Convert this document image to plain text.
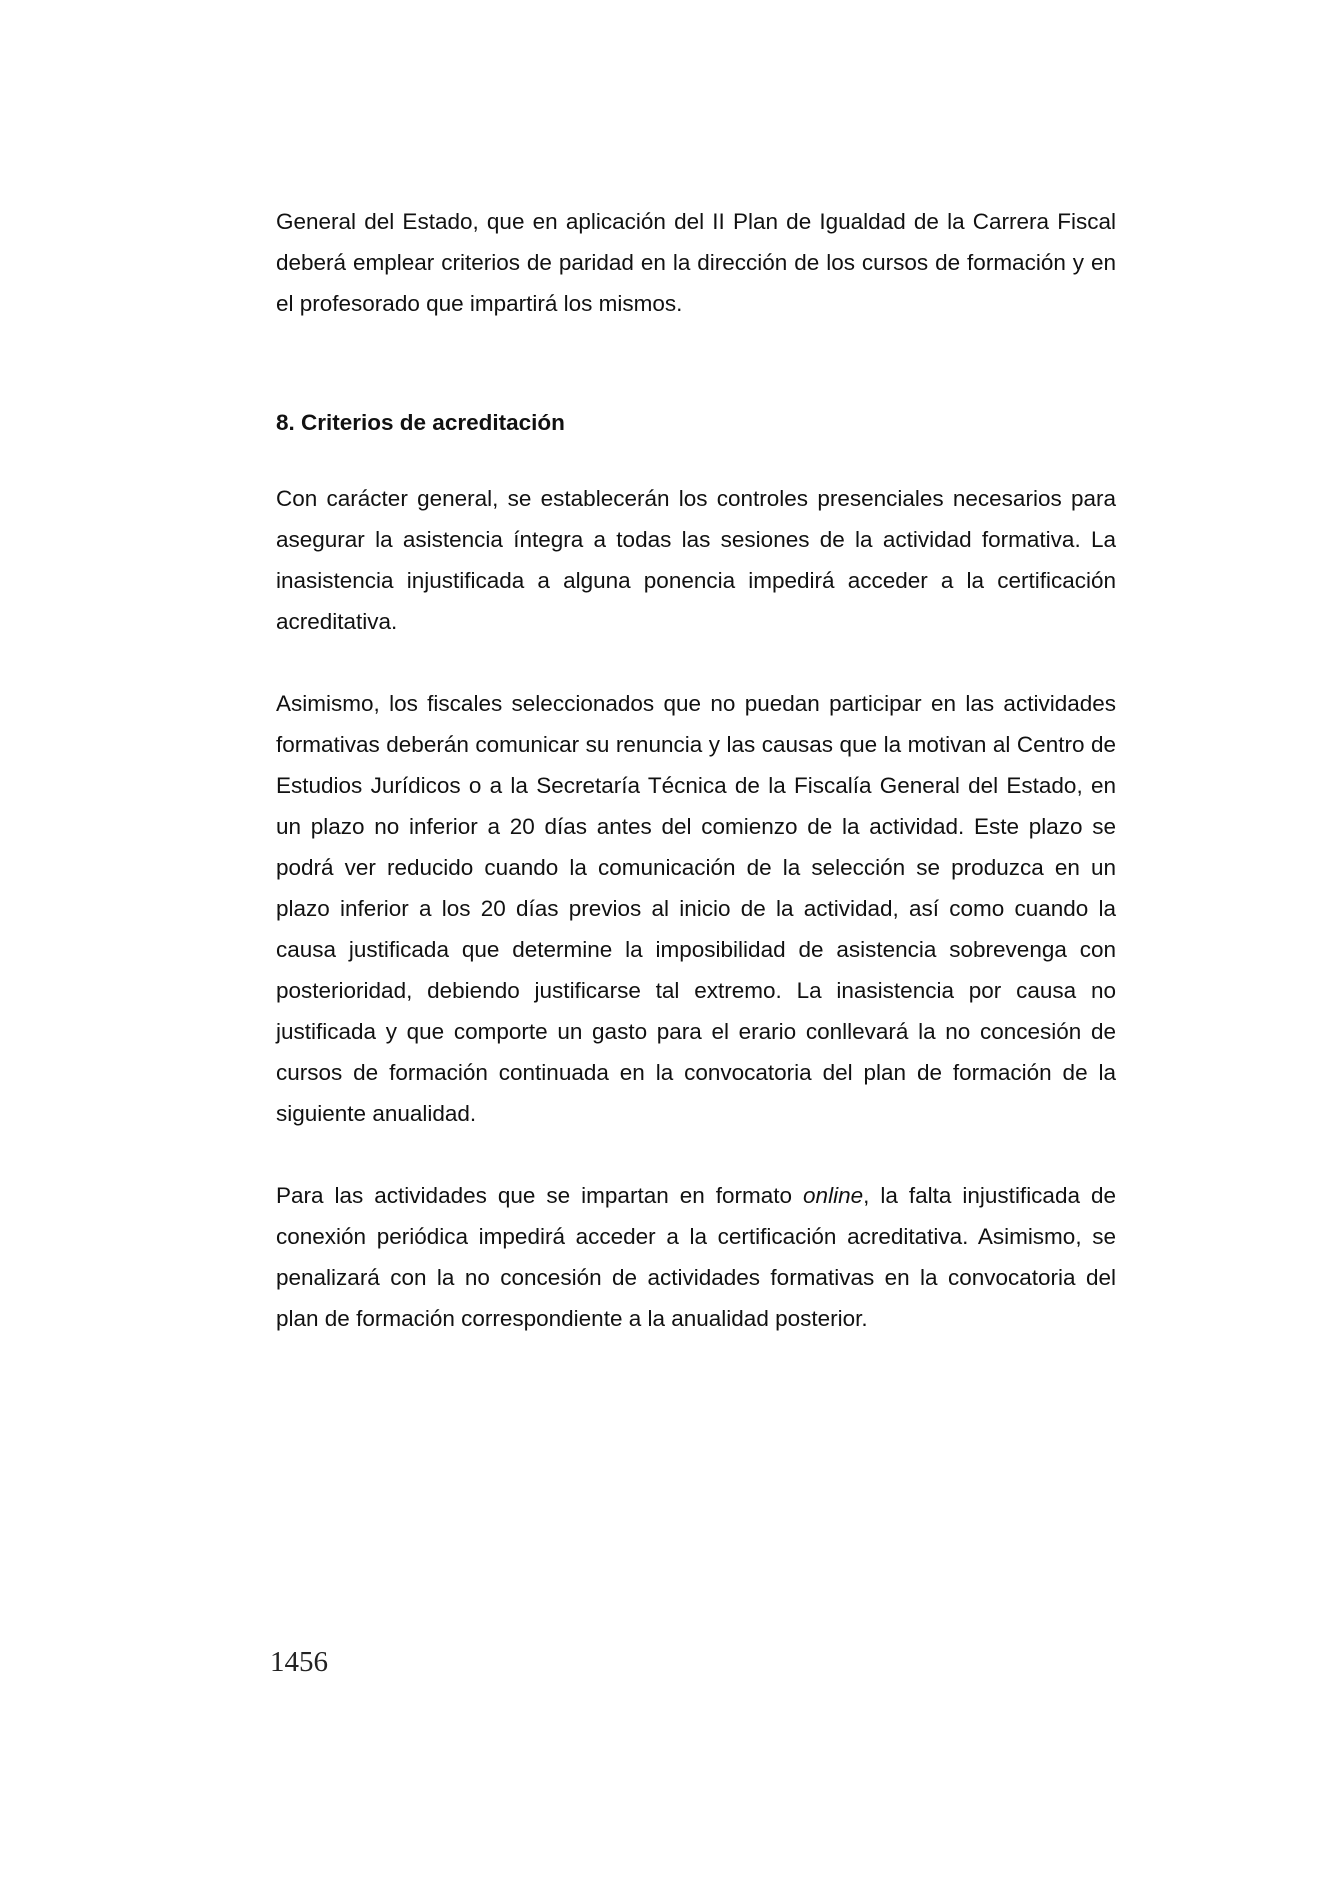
General del Estado, que en aplicación del II Plan de Igualdad de la Carrera Fiscal deberá emplear criterios de paridad en la dirección de los cursos de formación y en el profesorado que impartirá los mismos.

8. Criterios de acreditación

Con carácter general, se establecerán los controles presenciales necesarios para asegurar la asistencia íntegra a todas las sesiones de la actividad formativa. La inasistencia injustificada a alguna ponencia impedirá acceder a la certificación acreditativa.

Asimismo, los fiscales seleccionados que no puedan participar en las actividades formativas deberán comunicar su renuncia y las causas que la motivan al Centro de Estudios Jurídicos o a la Secretaría Técnica de la Fiscalía General del Estado, en un plazo no inferior a 20 días antes del comienzo de la actividad. Este plazo se podrá ver reducido cuando la comunicación de la selección se produzca en un plazo inferior a los 20 días previos al inicio de la actividad, así como cuando la causa justificada que determine la imposibilidad de asistencia sobrevenga con posterioridad, debiendo justificarse tal extremo. La inasistencia por causa no justificada y que comporte un gasto para el erario conllevará la no concesión de cursos de formación continuada en la convocatoria del plan de formación de la siguiente anualidad.

Para las actividades que se impartan en formato online, la falta injustificada de conexión periódica impedirá acceder a la certificación acreditativa. Asimismo, se penalizará con la no concesión de actividades formativas en la convocatoria del plan de formación correspondiente a la anualidad posterior.

1456
